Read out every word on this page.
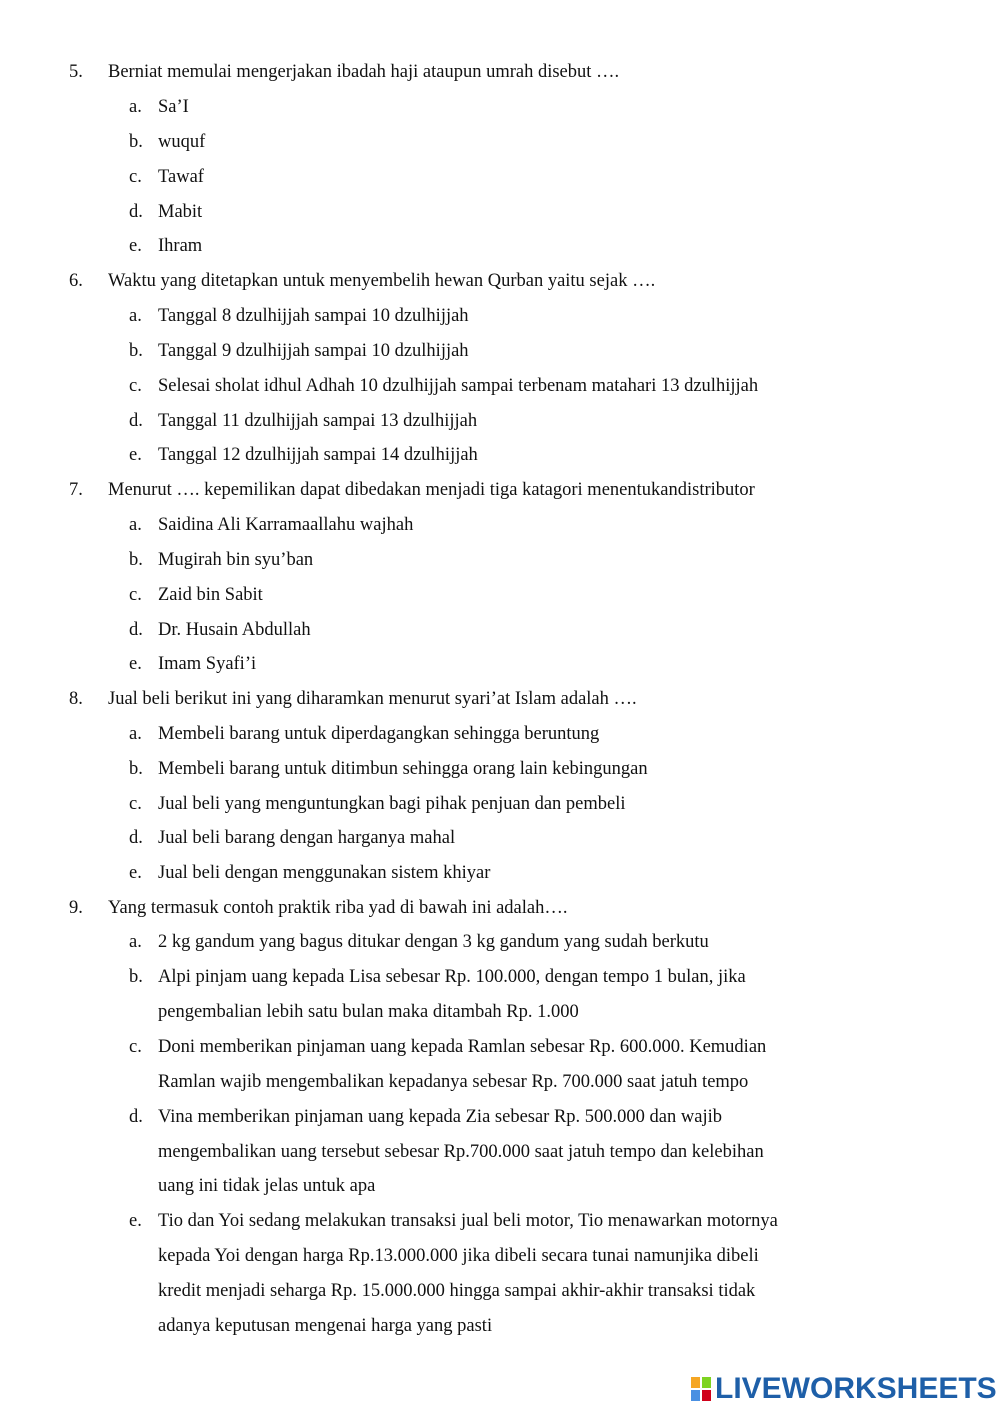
5. Berniat memulai mengerjakan ibadah haji ataupun umrah disebut ….
a. Sa’I
b. wuquf
c. Tawaf
d. Mabit
e. Ihram
6. Waktu yang ditetapkan untuk menyembelih hewan Qurban yaitu sejak ….
a. Tanggal 8 dzulhijjah sampai 10 dzulhijjah
b. Tanggal 9 dzulhijjah sampai 10 dzulhijjah
c. Selesai sholat idhul Adhah 10 dzulhijjah sampai terbenam matahari 13 dzulhijjah
d. Tanggal 11 dzulhijjah sampai 13 dzulhijjah
e. Tanggal 12 dzulhijjah sampai 14 dzulhijjah
7. Menurut …. kepemilikan dapat dibedakan menjadi tiga katagori menentukandistributor
a. Saidina Ali Karramaallahu wajhah
b. Mugirah bin syu’ban
c. Zaid bin Sabit
d. Dr. Husain Abdullah
e. Imam Syafi’i
8. Jual beli berikut ini yang diharamkan menurut syari’at Islam adalah ….
a. Membeli barang untuk diperdagangkan sehingga beruntung
b. Membeli barang untuk ditimbun sehingga orang lain kebingungan
c. Jual beli yang menguntungkan bagi pihak penjuan dan pembeli
d. Jual beli barang dengan harganya mahal
e. Jual beli dengan menggunakan sistem khiyar
9. Yang termasuk contoh praktik riba yad di bawah ini adalah….
a. 2 kg gandum yang bagus ditukar dengan 3 kg gandum yang sudah berkutu
b. Alpi pinjam uang kepada Lisa sebesar Rp. 100.000, dengan tempo 1 bulan, jika
pengembalian lebih satu bulan maka ditambah Rp. 1.000
c. Doni memberikan pinjaman uang kepada Ramlan sebesar Rp. 600.000. Kemudian
Ramlan wajib mengembalikan kepadanya sebesar Rp. 700.000 saat jatuh tempo
d. Vina memberikan pinjaman uang kepada Zia sebesar Rp. 500.000 dan wajib
mengembalikan uang tersebut sebesar Rp.700.000 saat jatuh tempo dan kelebihan
uang ini tidak jelas untuk apa
e. Tio dan Yoi sedang melakukan transaksi jual beli motor, Tio menawarkan motornya
kepada Yoi dengan harga Rp.13.000.000 jika dibeli secara tunai namunjika dibeli
kredit menjadi seharga Rp. 15.000.000 hingga sampai akhir-akhir transaksi tidak
adanya keputusan mengenai harga yang pasti
LIVEWORKSHEETS
